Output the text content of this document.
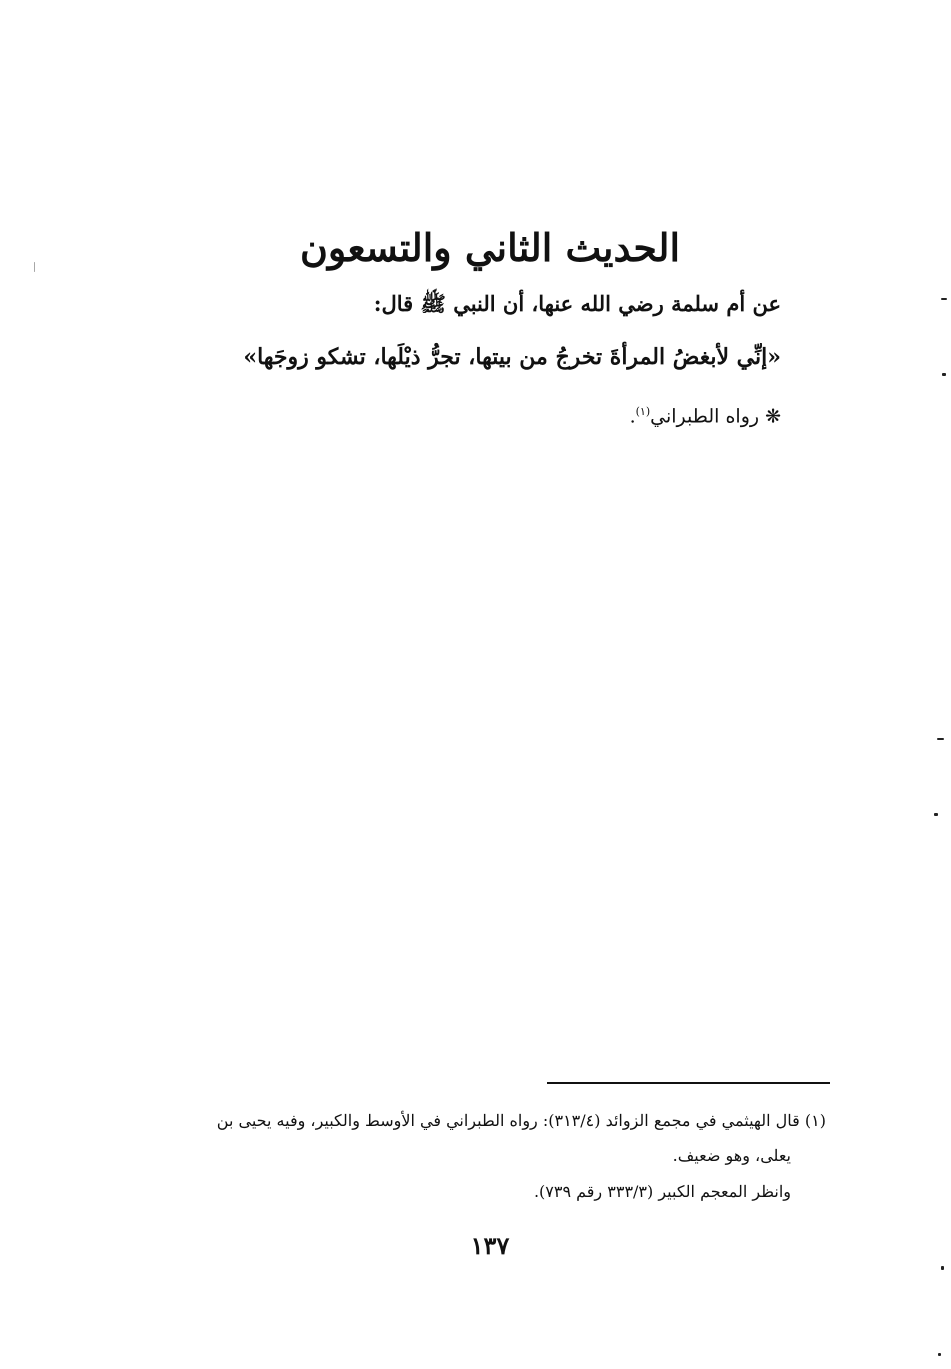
الحديث الثاني والتسعون
عن أم سلمة رضي الله عنها، أن النبي ﷺ قال:
«إنِّي لأبغضُ المرأةَ تخرجُ من بيتها، تجرُّ ذيْلَها، تشكو زوجَها»
❋ رواه الطبراني$^{(١)}$.
(١) قال الهيثمي في مجمع الزوائد (٣١٣/٤): رواه الطبراني في الأوسط والكبير، وفيه يحيى بن
يعلى، وهو ضعيف.
وانظر المعجم الكبير (٣٣٣/٣ رقم ٧٣٩).
١٣٧
